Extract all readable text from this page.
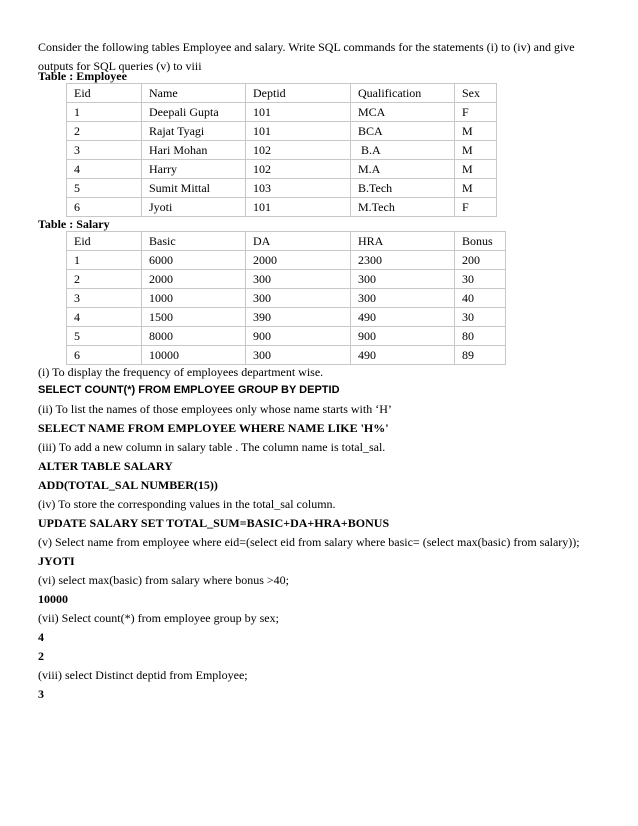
Consider the following tables Employee and salary. Write SQL commands for the statements (i) to (iv) and give outputs for SQL queries (v) to viii
Table : Employee
Eid	Name	Deptid	Qualification	Sex
1	Deepali Gupta	101	MCA	F
2	Rajat Tyagi	101	BCA	M
3	Hari Mohan	102	B.A	M
4	Harry	102	M.A	M
5	Sumit Mittal	103	B.Tech	M
6	Jyoti	101	M.Tech	F
Table : Salary
Eid	Basic	DA	HRA	Bonus
1	6000	2000	2300	200
2	2000	300	300	30
3	1000	300	300	40
4	1500	390	490	30
5	8000	900	900	80
6	10000	300	490	89
(i) To display the frequency of employees department wise.
SELECT COUNT(*) FROM EMPLOYEE GROUP BY DEPTID
(ii) To list the names of those employees only whose name starts with ‘H’
SELECT NAME FROM EMPLOYEE WHERE NAME LIKE 'H%'
(iii) To add a new column in salary table . The column name is total_sal.
ALTER TABLE SALARY
ADD(TOTAL_SAL NUMBER(15))
(iv) To store the corresponding values in the total_sal column.
UPDATE SALARY SET TOTAL_SUM=BASIC+DA+HRA+BONUS
(v) Select name from employee where eid=(select eid from salary where basic= (select max(basic) from salary));
JYOTI
(vi) select max(basic) from salary where bonus >40;
10000
(vii) Select count(*) from employee group by sex;
4
2
(viii) select Distinct deptid from Employee;
3
